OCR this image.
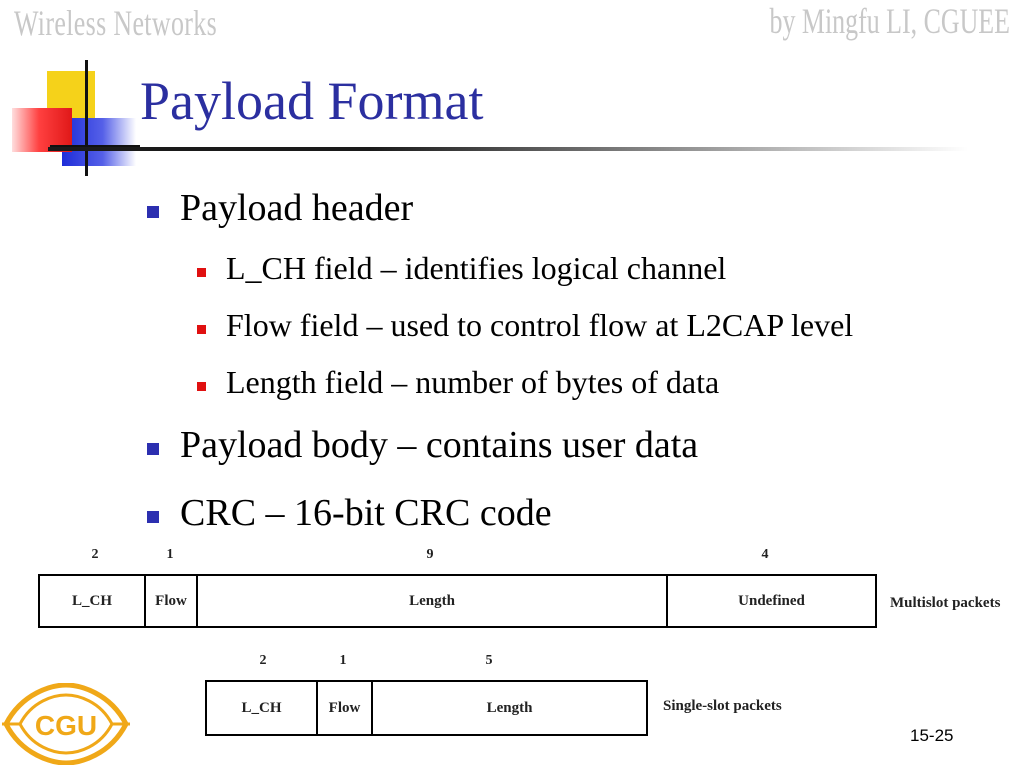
Wireless Networks	by Mingfu LI, CGUEE
Payload Format
Payload header
L_CH field – identifies logical channel
Flow field – used to control flow at L2CAP level
Length field – number of bytes of data
Payload body – contains user data
CRC – 16-bit CRC code
2	1	9	4
L_CH	Flow	Length	Undefined	Multislot packets
2	1	5
L_CH	Flow	Length	Single-slot packets
CGU	15-25
